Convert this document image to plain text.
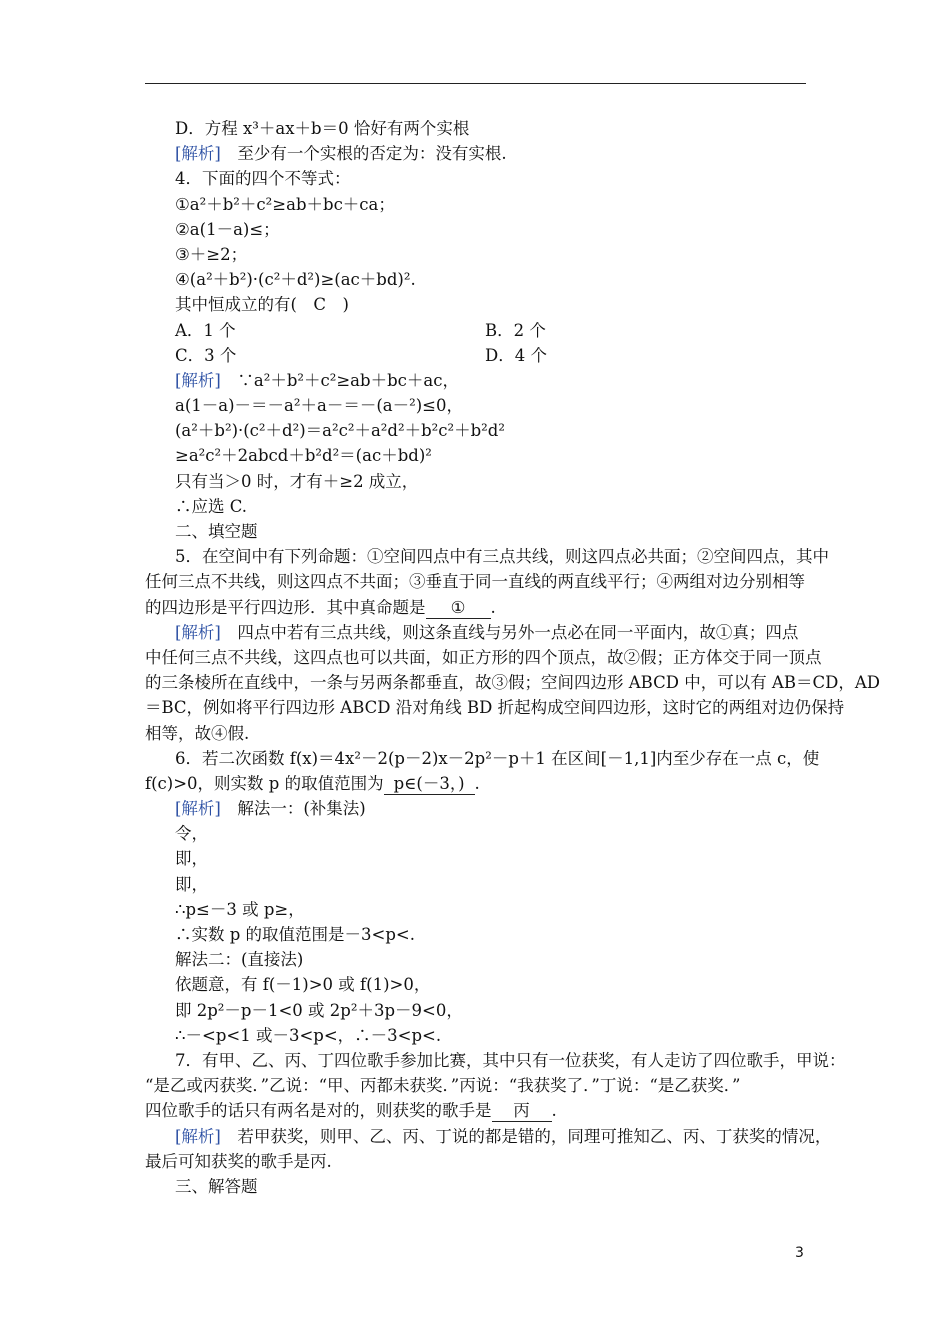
D．方程 x³＋ax＋b＝0 恰好有两个实根
[解析]　至少有一个实根的否定为：没有实根.
4．下面的四个不等式：
①a²＋b²＋c²≥ab＋bc＋ca；
②a(1－a)≤；
③＋≥2；
④(a²＋b²)·(c²＋d²)≥(ac＋bd)².
其中恒成立的有(　C　)
A．1 个	B．2 个
C．3 个	D．4 个
[解析]　∵a²＋b²＋c²≥ab＋bc＋ac，
a(1－a)－＝－a²＋a－＝－(a－²)≤0，
(a²＋b²)·(c²＋d²)＝a²c²＋a²d²＋b²c²＋b²d²
≥a²c²＋2abcd＋b²d²＝(ac＋bd)²
只有当＞0 时，才有＋≥2 成立，
∴应选 C.
二、填空题
5．在空间中有下列命题：①空间四点中有三点共线，则这四点必共面；②空间四点，其中
任何三点不共线，则这四点不共面；③垂直于同一直线的两直线平行；④两组对边分别相等
的四边形是平行四边形．其中真命题是 ① .
[解析]　四点中若有三点共线，则这条直线与另外一点必在同一平面内，故①真；四点
中任何三点不共线，这四点也可以共面，如正方形的四个顶点，故②假；正方体交于同一顶点
的三条棱所在直线中，一条与另两条都垂直，故③假；空间四边形 ABCD 中，可以有 AB＝CD，AD
＝BC，例如将平行四边形 ABCD 沿对角线 BD 折起构成空间四边形，这时它的两组对边仍保持
相等，故④假.
6．若二次函数 f(x)＝4x²－2(p－2)x－2p²－p＋1 在区间[－1,1]内至少存在一点 c，使
f(c)>0，则实数 p 的取值范围为 p∈(－3，) .
[解析]　解法一：(补集法)
令，
即，
即，
∴p≤－3 或 p≥，
∴实数 p 的取值范围是－3<p<.
解法二：(直接法)
依题意，有 f(－1)>0 或 f(1)>0，
即 2p²－p－1<0 或 2p²＋3p－9<0，
∴－<p<1 或－3<p<，∴－3<p<.
7．有甲、乙、丙、丁四位歌手参加比赛，其中只有一位获奖，有人走访了四位歌手，甲说：
“是乙或丙获奖．”乙说：“甲、丙都未获奖．”丙说：“我获奖了．”丁说：“是乙获奖．”
四位歌手的话只有两名是对的，则获奖的歌手是 丙 .
[解析]　若甲获奖，则甲、乙、丙、丁说的都是错的，同理可推知乙、丙、丁获奖的情况，
最后可知获奖的歌手是丙.
三、解答题
3
